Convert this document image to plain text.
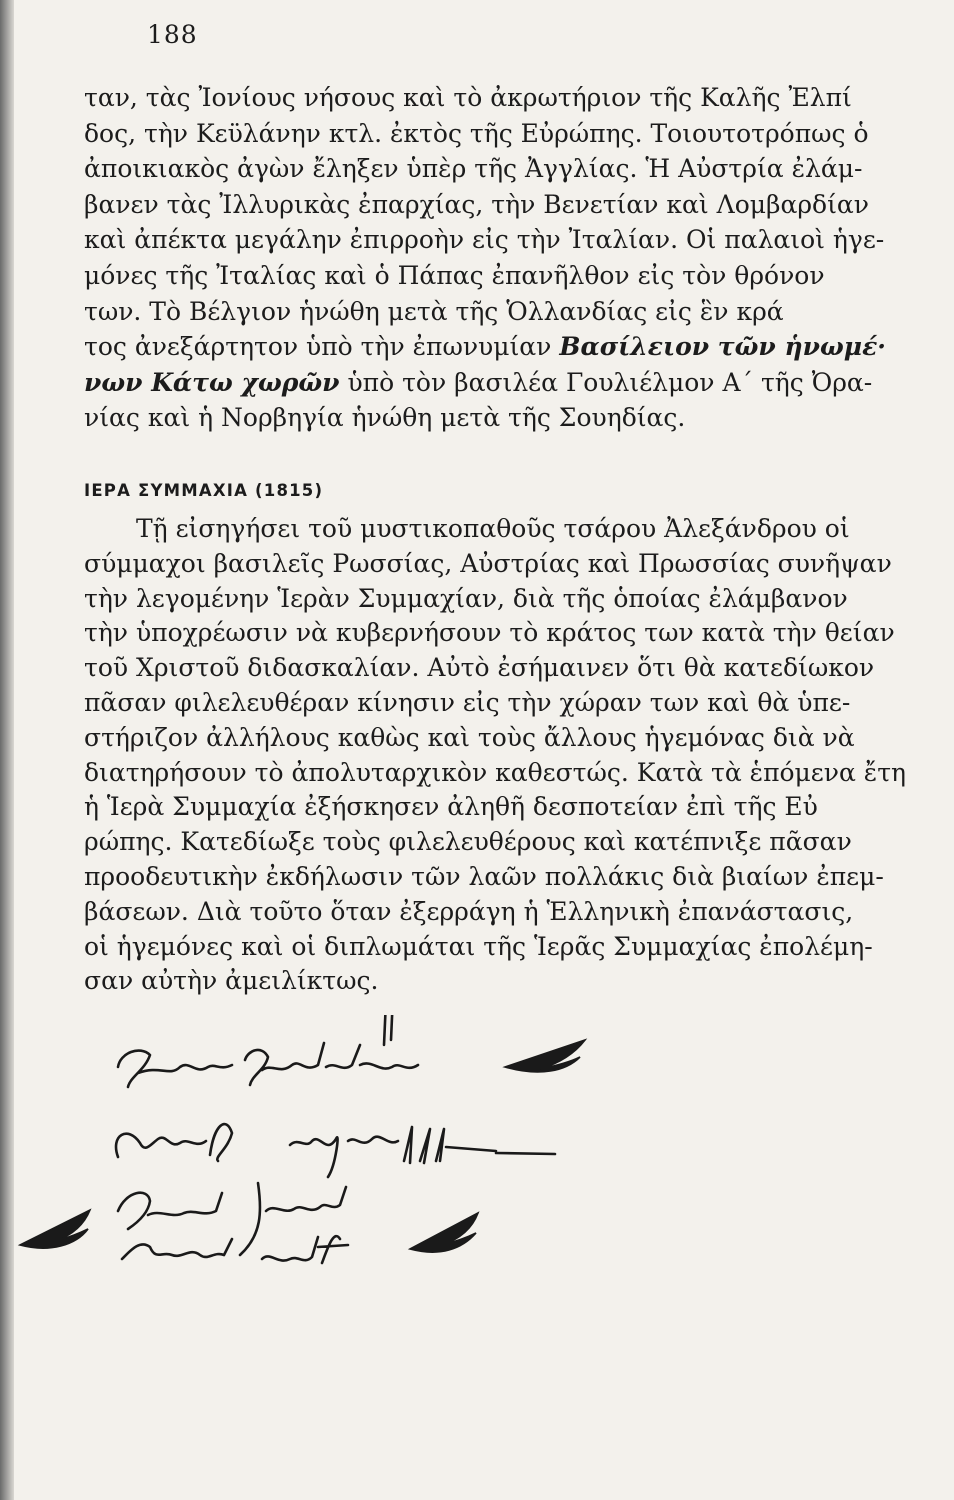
188
ταν, τὰς Ἰονίους νήσους καὶ τὸ ἀκρωτήριον τῆς Καλῆς Ἐλπί
δος, τὴν Κεϋλάνην κτλ. ἐκτὸς τῆς Εὐρώπης. Τοιουτοτρόπως ὁ
ἀποικιακὸς ἀγὼν ἔληξεν ὑπὲρ τῆς Ἀγγλίας. Ἡ Αὐστρία ἐλάμ-
βανεν τὰς Ἰλλυρικὰς ἐπαρχίας, τὴν Βενετίαν καὶ Λομβαρδίαν
καὶ ἀπέκτα μεγάλην ἐπιρροὴν εἰς τὴν Ἰταλίαν. Οἱ παλαιοὶ ἡγε-
μόνες τῆς Ἰταλίας καὶ ὁ Πάπας ἐπανῆλθον εἰς τὸν θρόνον
των. Τὸ Βέλγιον ἡνώθη μετὰ τῆς Ὁλλανδίας εἰς ἓν κρά
τος ἀνεξάρτητον ὑπὸ τὴν ἐπωνυμίαν Βασίλειον τῶν ἡνωμέ·
νων Κάτω χωρῶν ὑπὸ τὸν βασιλέα Γουλιέλμον Α΄ τῆς Ὀρα-
νίας καὶ ἡ Νορβηγία ἡνώθη μετὰ τῆς Σουηδίας.
ΙΕΡΑ ΣΥΜΜΑΧΙΑ (1815)
Τῇ εἰσηγήσει τοῦ μυστικοπαθοῦς τσάρου Ἀλεξάνδρου οἱ
σύμμαχοι βασιλεῖς Ρωσσίας, Αὐστρίας καὶ Πρωσσίας συνῆψαν
τὴν λεγομένην Ἱερὰν Συμμαχίαν, διὰ τῆς ὁποίας ἐλάμβανον
τὴν ὑποχρέωσιν νὰ κυβερνήσουν τὸ κράτος των κατὰ τὴν θείαν
τοῦ Χριστοῦ διδασκαλίαν. Αὐτὸ ἐσήμαινεν ὅτι θὰ κατεδίωκον
πᾶσαν φιλελευθέραν κίνησιν εἰς τὴν χώραν των καὶ θὰ ὑπε-
στήριζον ἀλλήλους καθὼς καὶ τοὺς ἄλλους ἡγεμόνας διὰ νὰ
διατηρήσουν τὸ ἀπολυταρχικὸν καθεστώς. Κατὰ τὰ ἑπόμενα ἔτη
ἡ Ἱερὰ Συμμαχία ἐξήσκησεν ἀληθῆ δεσποτείαν ἐπὶ τῆς Εὐ
ρώπης. Κατεδίωξε τοὺς φιλελευθέρους καὶ κατέπνιξε πᾶσαν
προοδευτικὴν ἐκδήλωσιν τῶν λαῶν πολλάκις διὰ βιαίων ἐπεμ-
βάσεων. Διὰ τοῦτο ὅταν ἐξερράγη ἡ Ἑλληνικὴ ἐπανάστασις,
οἱ ἡγεμόνες καὶ οἱ διπλωμάται τῆς Ἱερᾶς Συμμαχίας ἐπολέμη-
σαν αὐτὴν ἀμειλίκτως.
